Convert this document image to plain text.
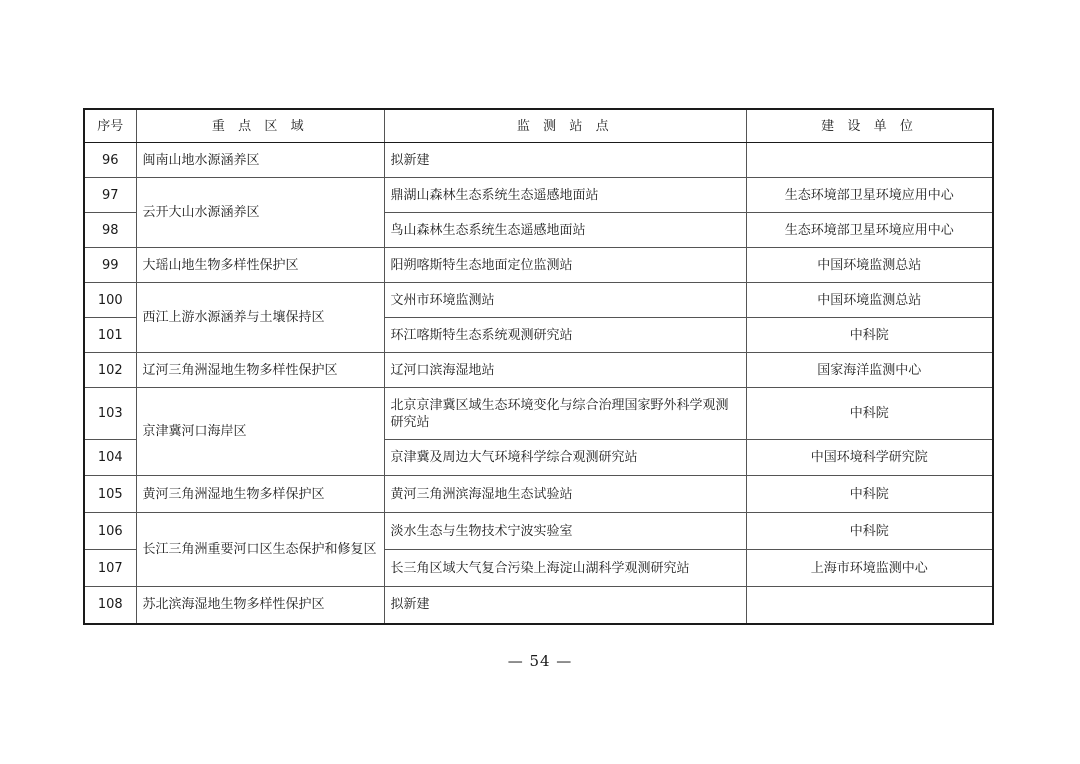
序号	重 点 区 域	监 测 站 点	建 设 单 位
96	闽南山地水源涵养区	拟新建	
97	云开大山水源涵养区	鼎湖山森林生态系统生态遥感地面站	生态环境部卫星环境应用中心
98		鸟山森林生态系统生态遥感地面站	生态环境部卫星环境应用中心
99	大瑶山地生物多样性保护区	阳朔喀斯特生态地面定位监测站	中国环境监测总站
100	西江上游水源涵养与土壤保持区	文州市环境监测站	中国环境监测总站
101		环江喀斯特生态系统观测研究站	中科院
102	辽河三角洲湿地生物多样性保护区	辽河口滨海湿地站	国家海洋监测中心
103	京津冀河口海岸区	北京京津冀区域生态环境变化与综合治理国家野外科学观测研究站	中科院
104		京津冀及周边大气环境科学综合观测研究站	中国环境科学研究院
105	黄河三角洲湿地生物多样保护区	黄河三角洲滨海湿地生态试验站	中科院
106	长江三角洲重要河口区生态保护和修复区	淡水生态与生物技术宁波实验室	中科院
107		长三角区域大气复合污染上海淀山湖科学观测研究站	上海市环境监测中心
108	苏北滨海湿地生物多样性保护区	拟新建	
— 54 —
